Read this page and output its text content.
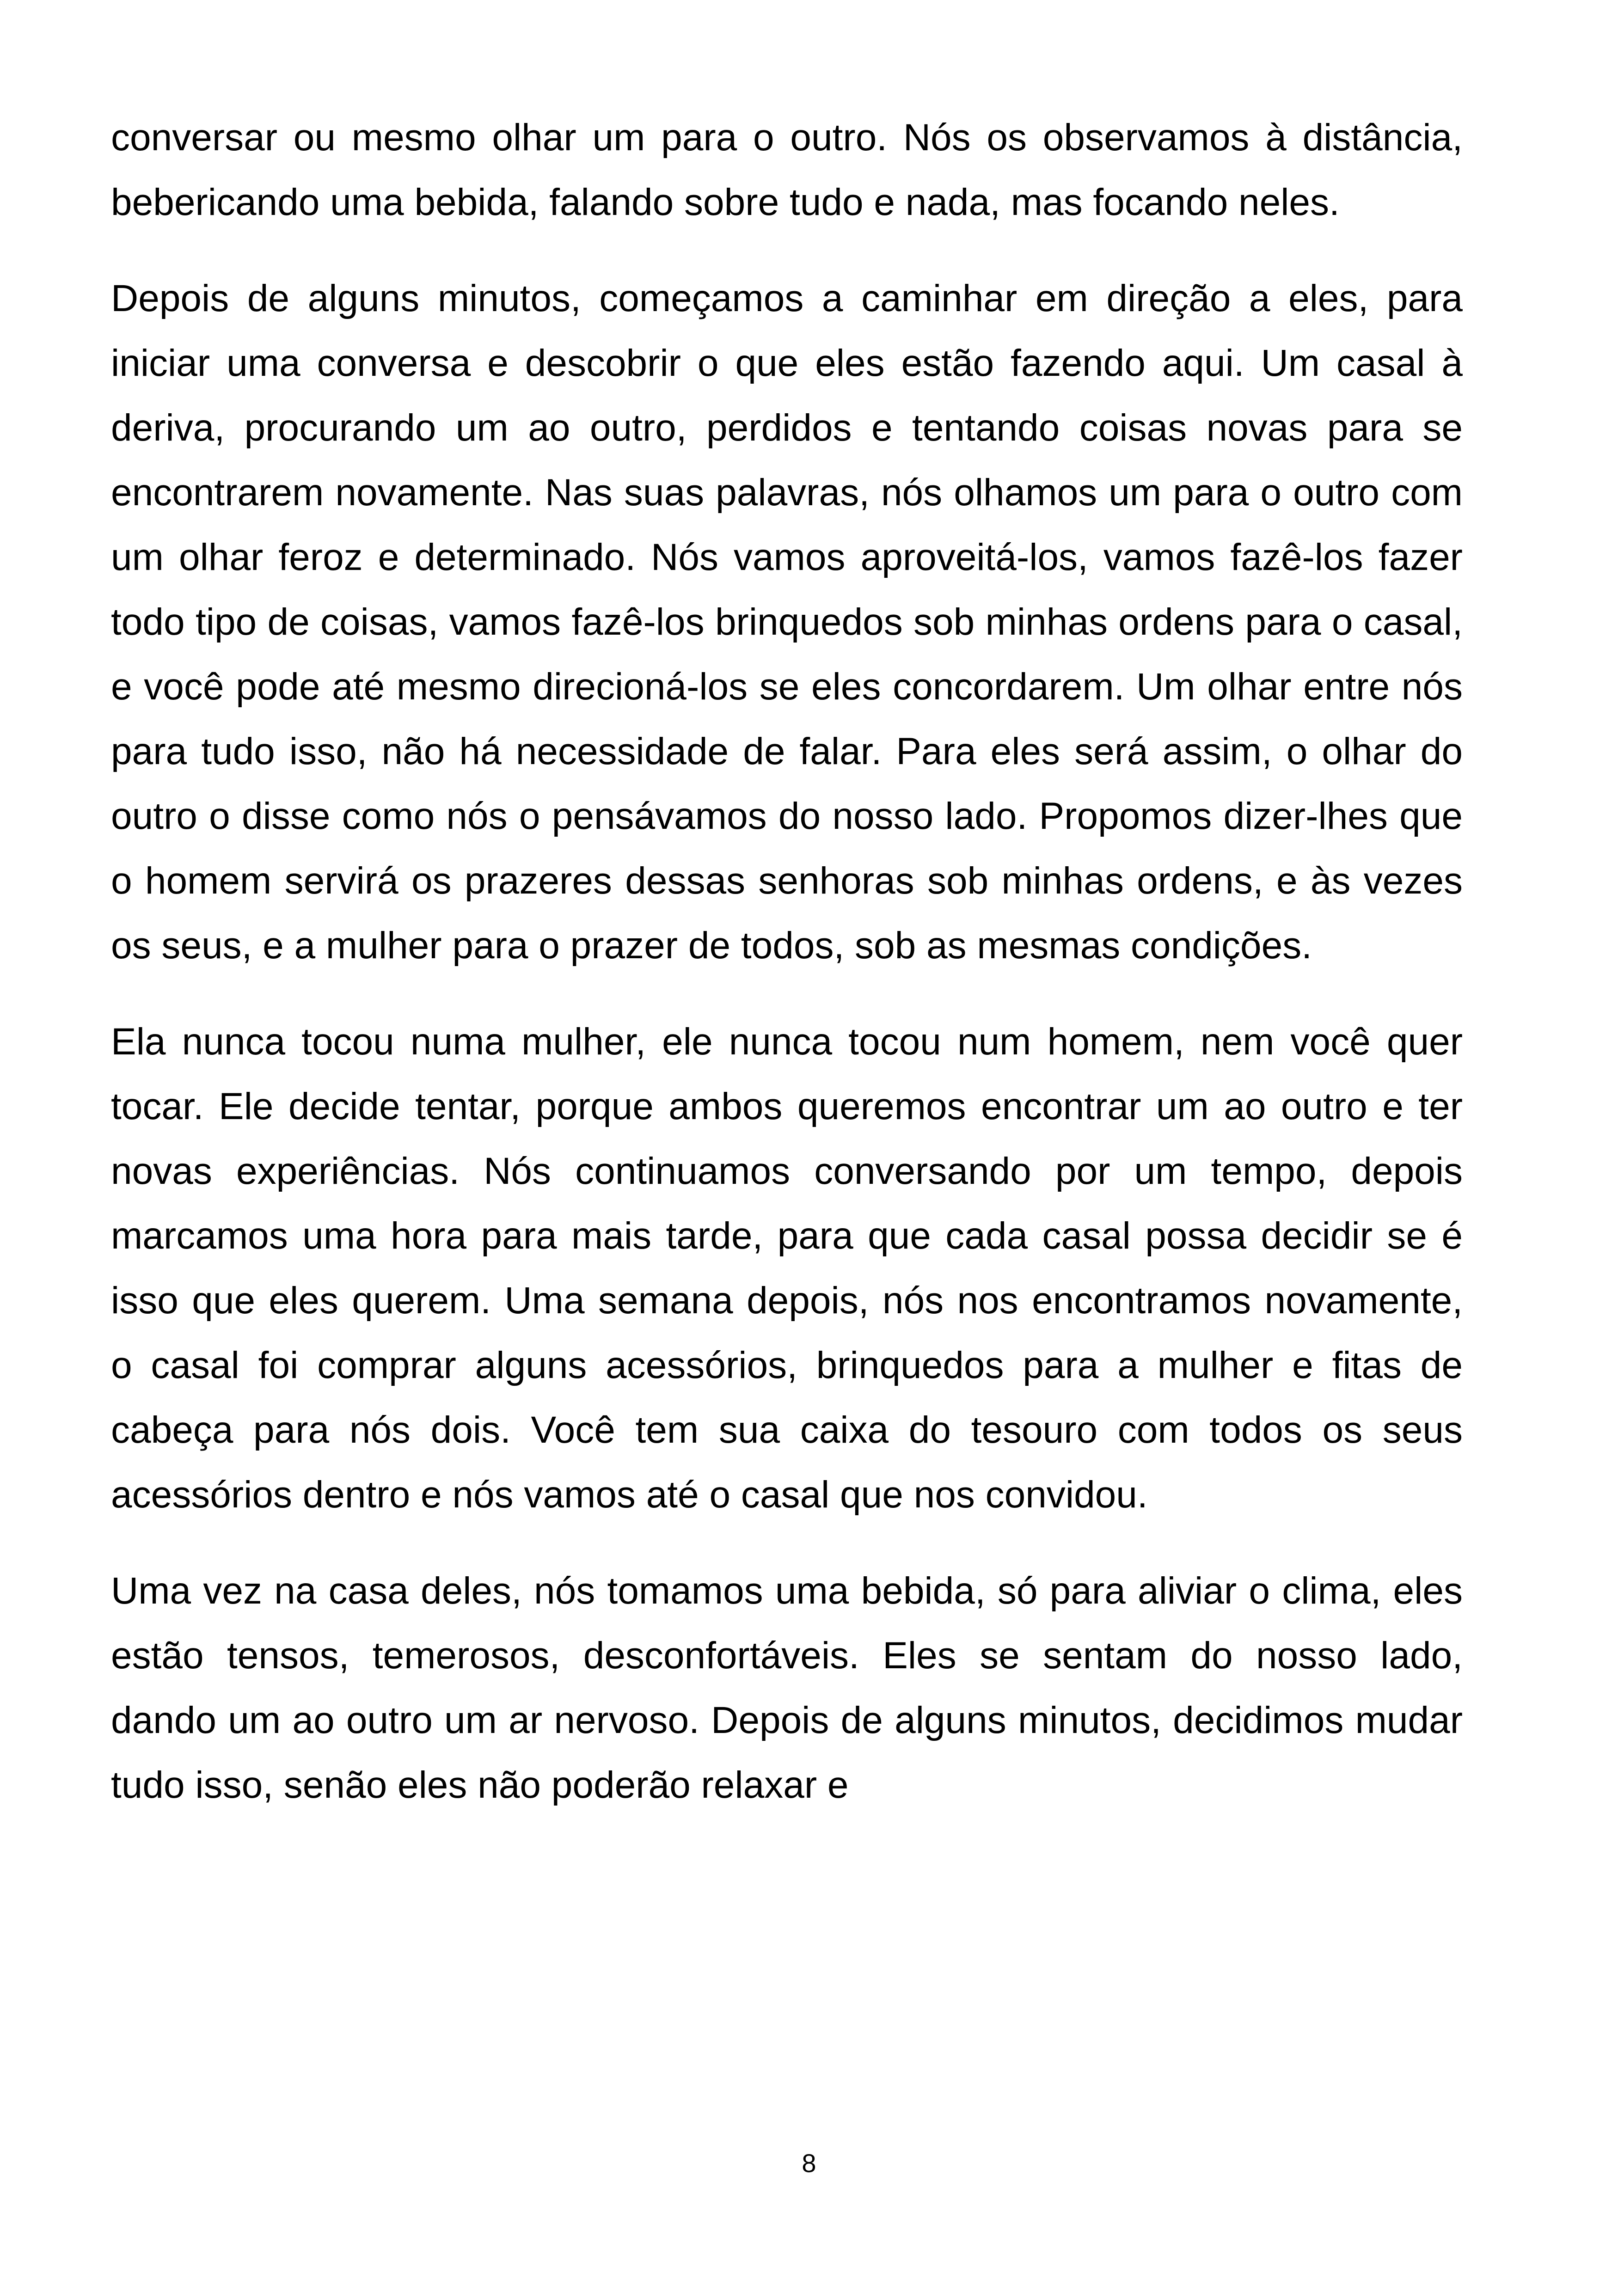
conversar ou mesmo olhar um para o outro. Nós os observamos à distância, bebericando uma bebida, falando sobre tudo e nada, mas focando neles.

Depois de alguns minutos, começamos a caminhar em direção a eles, para iniciar uma conversa e descobrir o que eles estão fazendo aqui. Um casal à deriva, procurando um ao outro, perdidos e tentando coisas novas para se encontrarem novamente. Nas suas palavras, nós olhamos um para o outro com um olhar feroz e determinado. Nós vamos aproveitá-los, vamos fazê-los fazer todo tipo de coisas, vamos fazê-los brinquedos sob minhas ordens para o casal, e você pode até mesmo direcioná-los se eles concordarem. Um olhar entre nós para tudo isso, não há necessidade de falar. Para eles será assim, o olhar do outro o disse como nós o pensávamos do nosso lado. Propomos dizer-lhes que o homem servirá os prazeres dessas senhoras sob minhas ordens, e às vezes os seus, e a mulher para o prazer de todos, sob as mesmas condições.

Ela nunca tocou numa mulher, ele nunca tocou num homem, nem você quer tocar. Ele decide tentar, porque ambos queremos encontrar um ao outro e ter novas experiências. Nós continuamos conversando por um tempo, depois marcamos uma hora para mais tarde, para que cada casal possa decidir se é isso que eles querem. Uma semana depois, nós nos encontramos novamente, o casal foi comprar alguns acessórios, brinquedos para a mulher e fitas de cabeça para nós dois. Você tem sua caixa do tesouro com todos os seus acessórios dentro e nós vamos até o casal que nos convidou.

Uma vez na casa deles, nós tomamos uma bebida, só para aliviar o clima, eles estão tensos, temerosos, desconfortáveis. Eles se sentam do nosso lado, dando um ao outro um ar nervoso. Depois de alguns minutos, decidimos mudar tudo isso, senão eles não poderão relaxar e

8
